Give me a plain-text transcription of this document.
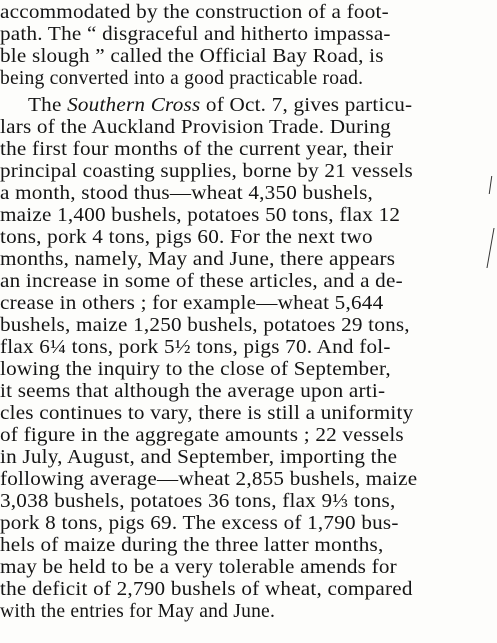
accommodated by the construction of a foot-
path. The “ disgraceful and hitherto impassa-
ble slough ” called the Official Bay Road, is
being converted into a good practicable road.
The Southern Cross of Oct. 7, gives particu-
lars of the Auckland Provision Trade. During
the first four months of the current year, their
principal coasting supplies, borne by 21 vessels
a month, stood thus—wheat 4,350 bushels,
maize 1,400 bushels, potatoes 50 tons, flax 12
tons, pork 4 tons, pigs 60. For the next two
months, namely, May and June, there appears
an increase in some of these articles, and a de-
crease in others ; for example—wheat 5,644
bushels, maize 1,250 bushels, potatoes 29 tons,
flax 6¼ tons, pork 5½ tons, pigs 70. And fol-
lowing the inquiry to the close of September,
it seems that although the average upon arti-
cles continues to vary, there is still a uniformity
of figure in the aggregate amounts ; 22 vessels
in July, August, and September, importing the
following average—wheat 2,855 bushels, maize
3,038 bushels, potatoes 36 tons, flax 9⅓ tons,
pork 8 tons, pigs 69. The excess of 1,790 bus-
hels of maize during the three latter months,
may be held to be a very tolerable amends for
the deficit of 2,790 bushels of wheat, compared
with the entries for May and June.
